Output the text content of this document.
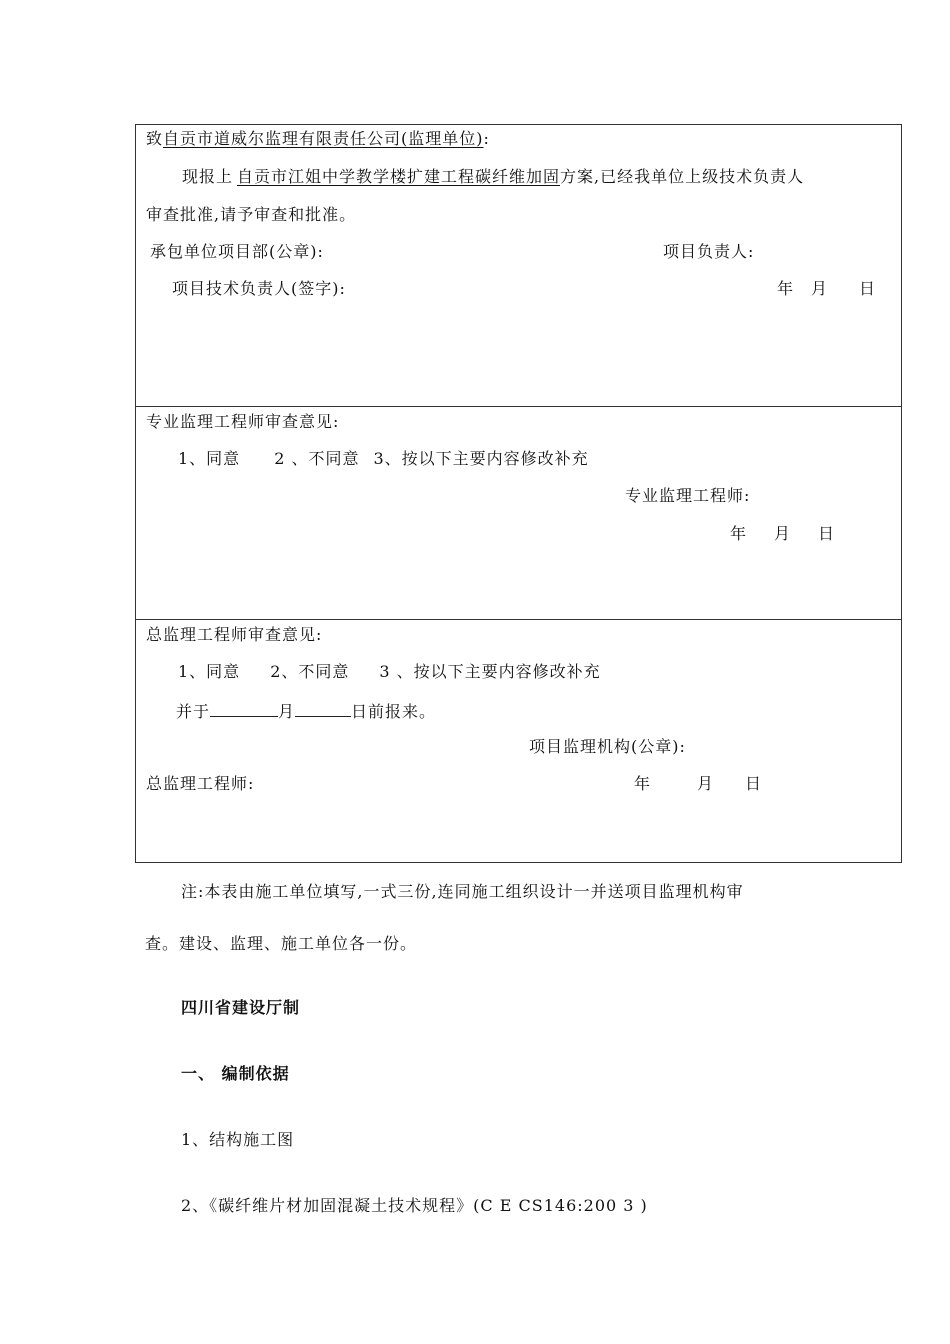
致自贡市道威尔监理有限责任公司(监理单位):
现报上 自贡市江姐中学教学楼扩建工程碳纤维加固方案,已经我单位上级技术负责人
审查批准,请予审查和批准。
承包单位项目部(公章):	项目负责人:
项目技术负责人(签字):	年 月 日
专业监理工程师审查意见:
1、同意 2 、不同意 3、按以下主要内容修改补充
专业监理工程师:
年 月 日
总监理工程师审查意见:
1、同意 2、不同意 3 、按以下主要内容修改补充
并于	月	日前报来。
项目监理机构(公章):
总监理工程师:	年	月 日
注:本表由施工单位填写,一式三份,连同施工组织设计一并送项目监理机构审
查。建设、监理、施工单位各一份。
四川省建设厅制
一、 编制依据
1、结构施工图
2、《碳纤维片材加固混凝土技术规程》(C E CS146:200 3 )
